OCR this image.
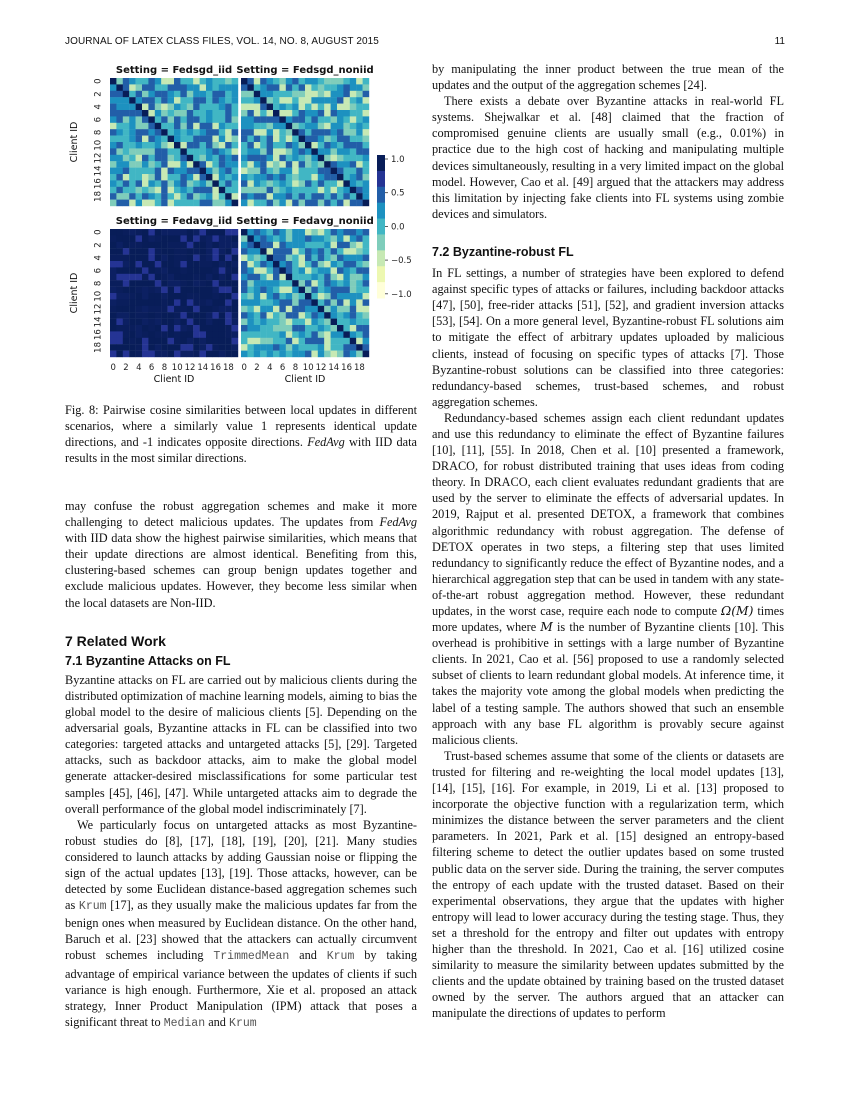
JOURNAL OF LATEX CLASS FILES, VOL. 14, NO. 8, AUGUST 2015	11
Setting = Fedsgd_iid
0
2
4
6
8
10
12
14
16
18
Client ID
Setting = Fedsgd_noniid
Setting = Fedavg_iid
0
2
4
6
8
10
12
14
16
18
Client ID
0 2 4 6 8 10 12 14 16 18
Client ID
Setting = Fedavg_noniid
0 2 4 6 8 10 12 14 16 18
Client ID
1.0
0.5
0.0
−0.5
−1.0
Fig. 8: Pairwise cosine similarities between local updates in different scenarios, where a similarly value 1 represents identical update directions, and -1 indicates opposite directions. FedAvg with IID data results in the most similar directions.

may confuse the robust aggregation schemes and make it more challenging to detect malicious updates. The updates from FedAvg with IID data show the highest pairwise similarities, which means that their update directions are almost identical. Benefiting from this, clustering-based schemes can group benign updates together and exclude malicious updates. However, they become less similar when the local datasets are Non-IID.

7 Related Work

7.1 Byzantine Attacks on FL

Byzantine attacks on FL are carried out by malicious clients during the distributed optimization of machine learning models, aiming to bias the global model to the desire of malicious clients [5]. Depending on the adversarial goals, Byzantine attacks in FL can be classified into two categories: targeted attacks and untargeted attacks [5], [29]. Targeted attacks, such as backdoor attacks, aim to make the global model generate attacker-desired misclassifications for some particular test samples [45], [46], [47]. While untargeted attacks aim to degrade the overall performance of the global model indiscriminately [7].

We particularly focus on untargeted attacks as most Byzantine-robust studies do [8], [17], [18], [19], [20], [21]. Many studies considered to launch attacks by adding Gaussian noise or flipping the sign of the actual updates [13], [19]. Those attacks, however, can be detected by some Euclidean distance-based aggregation schemes such as Krum [17], as they usually make the malicious updates far from the benign ones when measured by Euclidean distance. On the other hand, Baruch et al. [23] showed that the attackers can actually circumvent robust schemes including TrimmedMean and Krum by taking advantage of empirical variance between the updates of clients if such variance is high enough. Furthermore, Xie et al. proposed an attack strategy, Inner Product Manipulation (IPM) attack that poses a significant threat to Median and Krum

by manipulating the inner product between the true mean of the updates and the output of the aggregation schemes [24].

There exists a debate over Byzantine attacks in real-world FL systems. Shejwalkar et al. [48] claimed that the fraction of compromised genuine clients are usually small (e.g., 0.01%) in practice due to the high cost of hacking and manipulating multiple devices simultaneously, resulting in a very limited impact on the global model. However, Cao et al. [49] argued that the attackers may address this limitation by injecting fake clients into FL systems using zombie devices and simulators.

7.2 Byzantine-robust FL

In FL settings, a number of strategies have been explored to defend against specific types of attacks or failures, including backdoor attacks [47], [50], free-rider attacks [51], [52], and gradient inversion attacks [53], [54]. On a more general level, Byzantine-robust FL solutions aim to mitigate the effect of arbitrary updates uploaded by malicious clients, instead of focusing on specific types of attacks [7]. Those Byzantine-robust solutions can be classified into three categories: redundancy-based schemes, trust-based schemes, and robust aggregation schemes.

Redundancy-based schemes assign each client redundant updates and use this redundancy to eliminate the effect of Byzantine failures [10], [11], [55]. In 2018, Chen et al. [10] presented a framework, DRACO, for robust distributed training that uses ideas from coding theory. In DRACO, each client evaluates redundant gradients that are used by the server to eliminate the effects of adversarial updates. In 2019, Rajput et al. presented DETOX, a framework that combines algorithmic redundancy with robust aggregation. The defense of DETOX operates in two steps, a filtering step that uses limited redundancy to significantly reduce the effect of Byzantine nodes, and a hierarchical aggregation step that can be used in tandem with any state-of-the-art robust aggregation method. However, these redundant updates, in the worst case, require each node to compute Ω(M) times more updates, where M is the number of Byzantine clients [10]. This overhead is prohibitive in settings with a large number of Byzantine clients. In 2021, Cao et al. [56] proposed to use a randomly selected subset of clients to learn redundant global models. At inference time, it takes the majority vote among the global models when predicting the label of a testing sample. The authors showed that such an ensemble approach with any base FL algorithm is provably secure against malicious clients.

Trust-based schemes assume that some of the clients or datasets are trusted for filtering and re-weighting the local model updates [13], [14], [15], [16]. For example, in 2019, Li et al. [13] proposed to incorporate the objective function with a regularization term, which minimizes the distance between the server parameters and the client parameters. In 2021, Park et al. [15] designed an entropy-based filtering scheme to detect the outlier updates based on some trusted public data on the server side. During the training, the server computes the entropy of each update with the trusted dataset. Based on their experimental observations, they argue that the updates with higher entropy will lead to lower accuracy during the testing stage. Thus, they set a threshold for the entropy and filter out updates with entropy higher than the threshold. In 2021, Cao et al. [16] utilized cosine similarity to measure the similarity between updates submitted by the clients and the update obtained by training based on the trusted dataset owned by the server. The authors argued that an attacker can manipulate the directions of updates to perform
